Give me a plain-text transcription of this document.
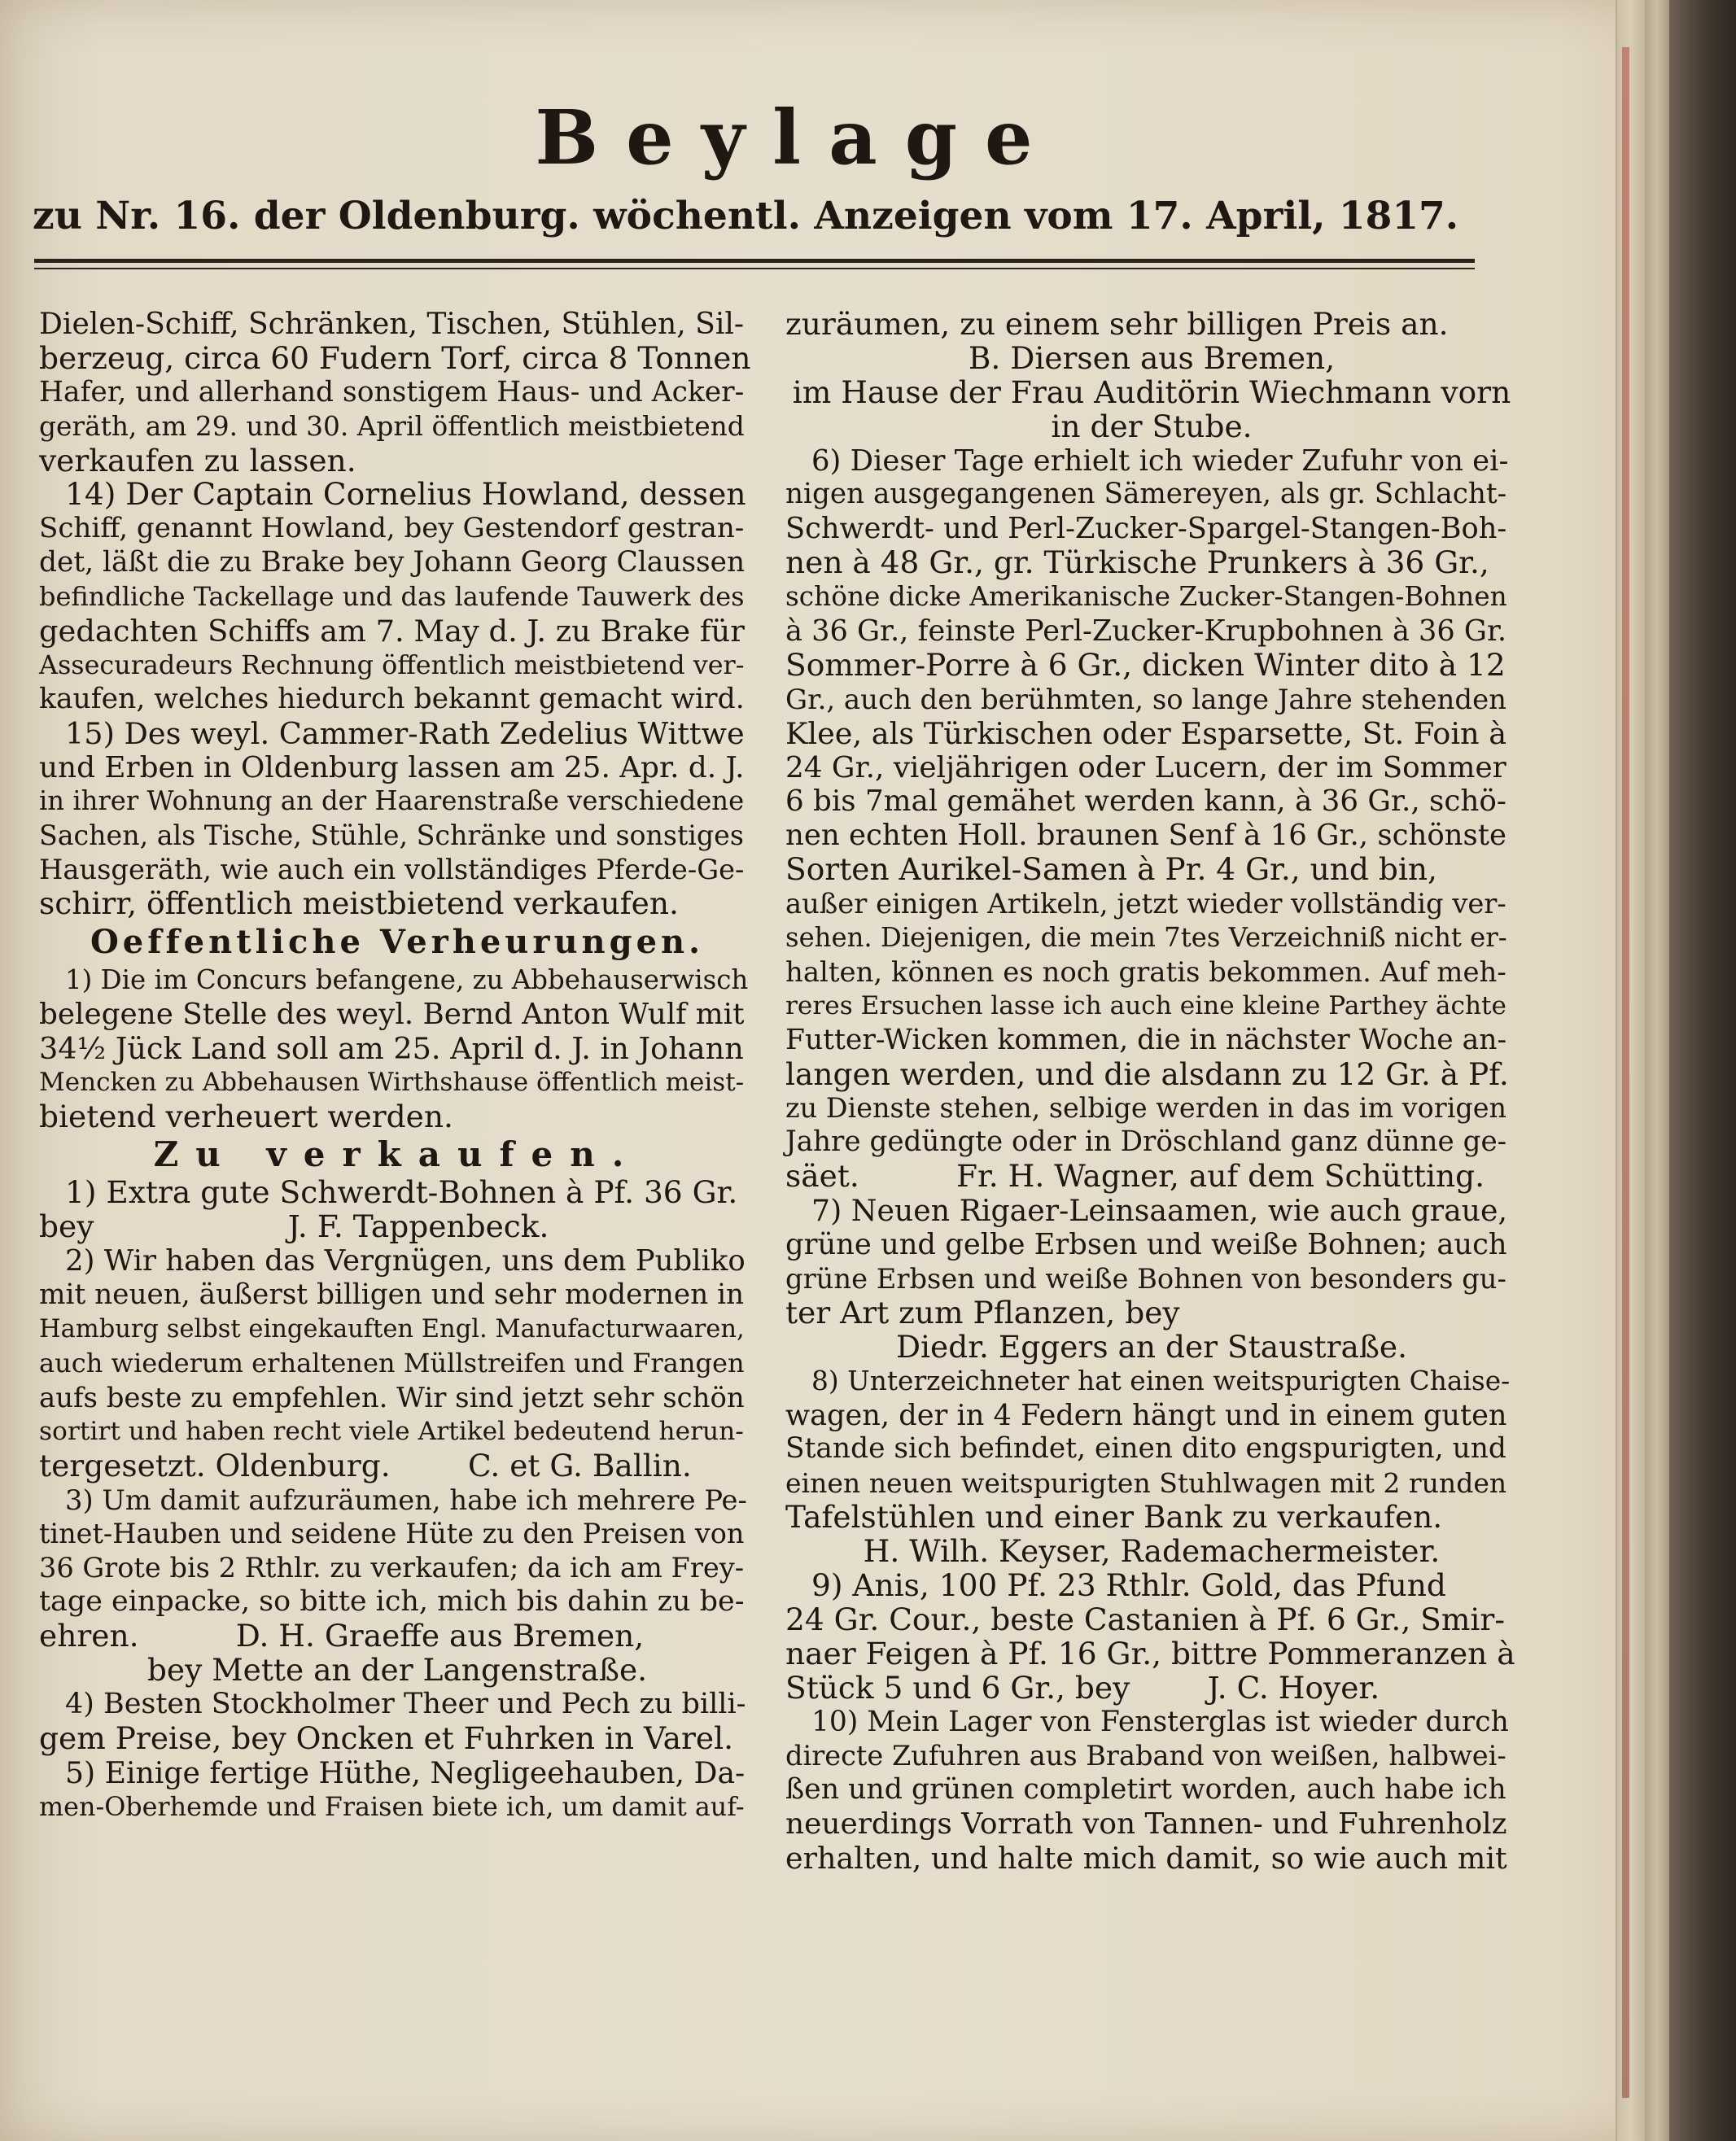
Beylage
zu Nr. 16. der Oldenburg. wöchentl. Anzeigen vom 17. April, 1817.
Dielen-Schiff, Schränken, Tischen, Stühlen, Sil-
berzeug, circa 60 Fudern Torf, circa 8 Tonnen
Hafer, und allerhand sonstigem Haus- und Acker-
geräth, am 29. und 30. April öffentlich meistbietend
verkaufen zu lassen.
14) Der Captain Cornelius Howland, dessen
Schiff, genannt Howland, bey Gestendorf gestran-
det, läßt die zu Brake bey Johann Georg Claussen
befindliche Tackellage und das laufende Tauwerk des
gedachten Schiffs am 7. May d. J. zu Brake für
Assecuradeurs Rechnung öffentlich meistbietend ver-
kaufen, welches hiedurch bekannt gemacht wird.
15) Des weyl. Cammer-Rath Zedelius Wittwe
und Erben in Oldenburg lassen am 25. Apr. d. J.
in ihrer Wohnung an der Haarenstraße verschiedene
Sachen, als Tische, Stühle, Schränke und sonstiges
Hausgeräth, wie auch ein vollständiges Pferde-Ge-
schirr, öffentlich meistbietend verkaufen.
Oeffentliche Verheurungen.
1) Die im Concurs befangene, zu Abbehauserwisch
belegene Stelle des weyl. Bernd Anton Wulf mit
34½ Jück Land soll am 25. April d. J. in Johann
Mencken zu Abbehausen Wirthshause öffentlich meist-
bietend verheuert werden.
Zu verkaufen.
1) Extra gute Schwerdt-Bohnen à Pf. 36 Gr.
bey                    J. F. Tappenbeck.
2) Wir haben das Vergnügen, uns dem Publiko
mit neuen, äußerst billigen und sehr modernen in
Hamburg selbst eingekauften Engl. Manufacturwaaren,
auch wiederum erhaltenen Müllstreifen und Frangen
aufs beste zu empfehlen. Wir sind jetzt sehr schön
sortirt und haben recht viele Artikel bedeutend herun-
tergesetzt. Oldenburg.        C. et G. Ballin.
3) Um damit aufzuräumen, habe ich mehrere Pe-
tinet-Hauben und seidene Hüte zu den Preisen von
36 Grote bis 2 Rthlr. zu verkaufen; da ich am Frey-
tage einpacke, so bitte ich, mich bis dahin zu be-
ehren.          D. H. Graeffe aus Bremen,
bey Mette an der Langenstraße.
4) Besten Stockholmer Theer und Pech zu billi-
gem Preise, bey Oncken et Fuhrken in Varel.
5) Einige fertige Hüthe, Negligeehauben, Da-
men-Oberhemde und Fraisen biete ich, um damit auf-
zuräumen, zu einem sehr billigen Preis an.
B. Diersen aus Bremen,
im Hause der Frau Auditörin Wiechmann vorn
in der Stube.
6) Dieser Tage erhielt ich wieder Zufuhr von ei-
nigen ausgegangenen Sämereyen, als gr. Schlacht-
Schwerdt- und Perl-Zucker-Spargel-Stangen-Boh-
nen à 48 Gr., gr. Türkische Prunkers à 36 Gr.,
schöne dicke Amerikanische Zucker-Stangen-Bohnen
à 36 Gr., feinste Perl-Zucker-Krupbohnen à 36 Gr.
Sommer-Porre à 6 Gr., dicken Winter dito à 12
Gr., auch den berühmten, so lange Jahre stehenden
Klee, als Türkischen oder Esparsette, St. Foin à
24 Gr., vieljährigen oder Lucern, der im Sommer
6 bis 7mal gemähet werden kann, à 36 Gr., schö-
nen echten Holl. braunen Senf à 16 Gr., schönste
Sorten Aurikel-Samen à Pr. 4 Gr., und bin,
außer einigen Artikeln, jetzt wieder vollständig ver-
sehen. Diejenigen, die mein 7tes Verzeichniß nicht er-
halten, können es noch gratis bekommen. Auf meh-
reres Ersuchen lasse ich auch eine kleine Parthey ächte
Futter-Wicken kommen, die in nächster Woche an-
langen werden, und die alsdann zu 12 Gr. à Pf.
zu Dienste stehen, selbige werden in das im vorigen
Jahre gedüngte oder in Dröschland ganz dünne ge-
säet.          Fr. H. Wagner, auf dem Schütting.
7) Neuen Rigaer-Leinsaamen, wie auch graue,
grüne und gelbe Erbsen und weiße Bohnen; auch
grüne Erbsen und weiße Bohnen von besonders gu-
ter Art zum Pflanzen, bey
Diedr. Eggers an der Staustraße.
8) Unterzeichneter hat einen weitspurigten Chaise-
wagen, der in 4 Federn hängt und in einem guten
Stande sich befindet, einen dito engspurigten, und
einen neuen weitspurigten Stuhlwagen mit 2 runden
Tafelstühlen und einer Bank zu verkaufen.
H. Wilh. Keyser, Rademachermeister.
9) Anis, 100 Pf. 23 Rthlr. Gold, das Pfund
24 Gr. Cour., beste Castanien à Pf. 6 Gr., Smir-
naer Feigen à Pf. 16 Gr., bittre Pommeranzen à
Stück 5 und 6 Gr., bey        J. C. Hoyer.
10) Mein Lager von Fensterglas ist wieder durch
directe Zufuhren aus Braband von weißen, halbwei-
ßen und grünen completirt worden, auch habe ich
neuerdings Vorrath von Tannen- und Fuhrenholz
erhalten, und halte mich damit, so wie auch mit
